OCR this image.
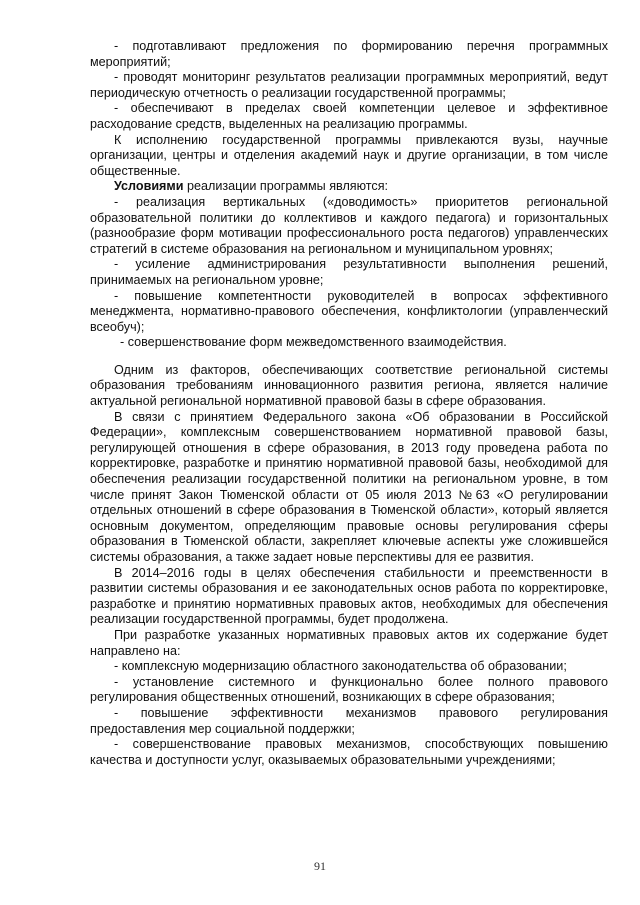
- подготавливают предложения по формированию перечня программных мероприятий;

- проводят мониторинг результатов реализации программных мероприятий, ведут периодическую отчетность о реализации государственной программы;

- обеспечивают в пределах своей компетенции целевое и эффективное расходование средств, выделенных на реализацию программы.

К исполнению государственной программы привлекаются вузы, научные организации, центры и отделения академий наук и другие организации, в том числе общественные.

Условиями реализации программы являются:

- реализация вертикальных («доводимость» приоритетов региональной образовательной политики до коллективов и каждого педагога) и горизонтальных (разнообразие форм мотивации профессионального роста педагогов) управленческих стратегий в системе образования на региональном и муниципальном уровнях;

- усиление администрирования результативности выполнения решений, принимаемых на региональном уровне;

- повышение компетентности руководителей в вопросах эффективного менеджмента, нормативно-правового обеспечения, конфликтологии (управленческий всеобуч);

- совершенствование форм межведомственного взаимодействия.

Одним из факторов, обеспечивающих соответствие региональной системы образования требованиям инновационного развития региона, является наличие актуальной региональной нормативной правовой базы в сфере образования.

В связи с принятием Федерального закона «Об образовании в Российской Федерации», комплексным совершенствованием нормативной правовой базы, регулирующей отношения в сфере образования, в 2013 году проведена работа по корректировке, разработке и принятию нормативной правовой базы, необходимой для обеспечения реализации государственной политики на региональном уровне, в том числе принят Закон Тюменской области от 05 июля 2013 №63 «О регулировании отдельных отношений в сфере образования в Тюменской области», который является основным документом, определяющим правовые основы регулирования сферы образования в Тюменской области, закрепляет ключевые аспекты уже сложившейся системы образования, а также задает новые перспективы для ее развития.

В 2014–2016 годы в целях обеспечения стабильности и преемственности в развитии системы образования и ее законодательных основ работа по корректировке, разработке и принятию нормативных правовых актов, необходимых для обеспечения реализации государственной программы, будет продолжена.

При разработке указанных нормативных правовых актов их содержание будет направлено на:

- комплексную модернизацию областного законодательства об образовании;

- установление системного и функционально более полного правового регулирования общественных отношений, возникающих в сфере образования;

- повышение эффективности механизмов правового регулирования предоставления мер социальной поддержки;

- совершенствование правовых механизмов, способствующих повышению качества и доступности услуг, оказываемых образовательными учреждениями;

91
